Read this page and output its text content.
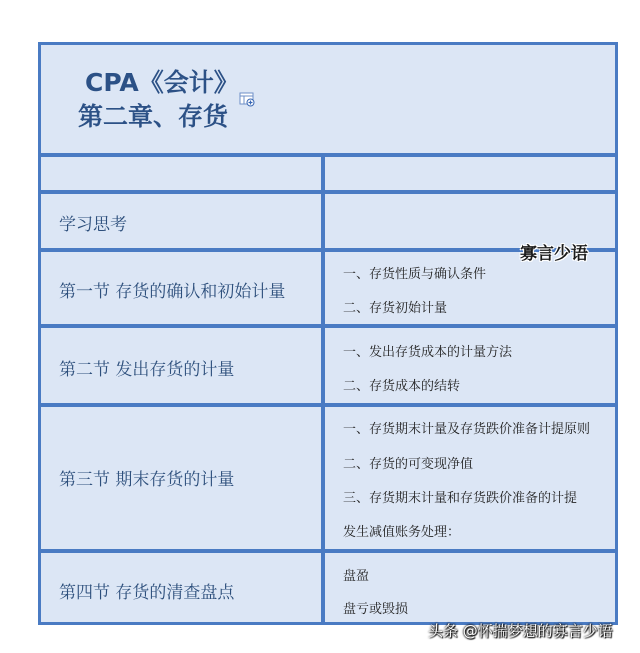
CPA《会计》
第二章、存货
学习思考
第一节 存货的确认和初始计量
一、存货性质与确认条件
二、存货初始计量
第二节 发出存货的计量
一、发出存货成本的计量方法
二、存货成本的结转
第三节 期末存货的计量
一、存货期末计量及存货跌价准备计提原则
二、存货的可变现净值
三、存货期末计量和存货跌价准备的计提
发生减值账务处理：
第四节 存货的清查盘点
盘盈
盘亏或毁损
寡言少语
头条 @怀揣梦想的寡言少语
